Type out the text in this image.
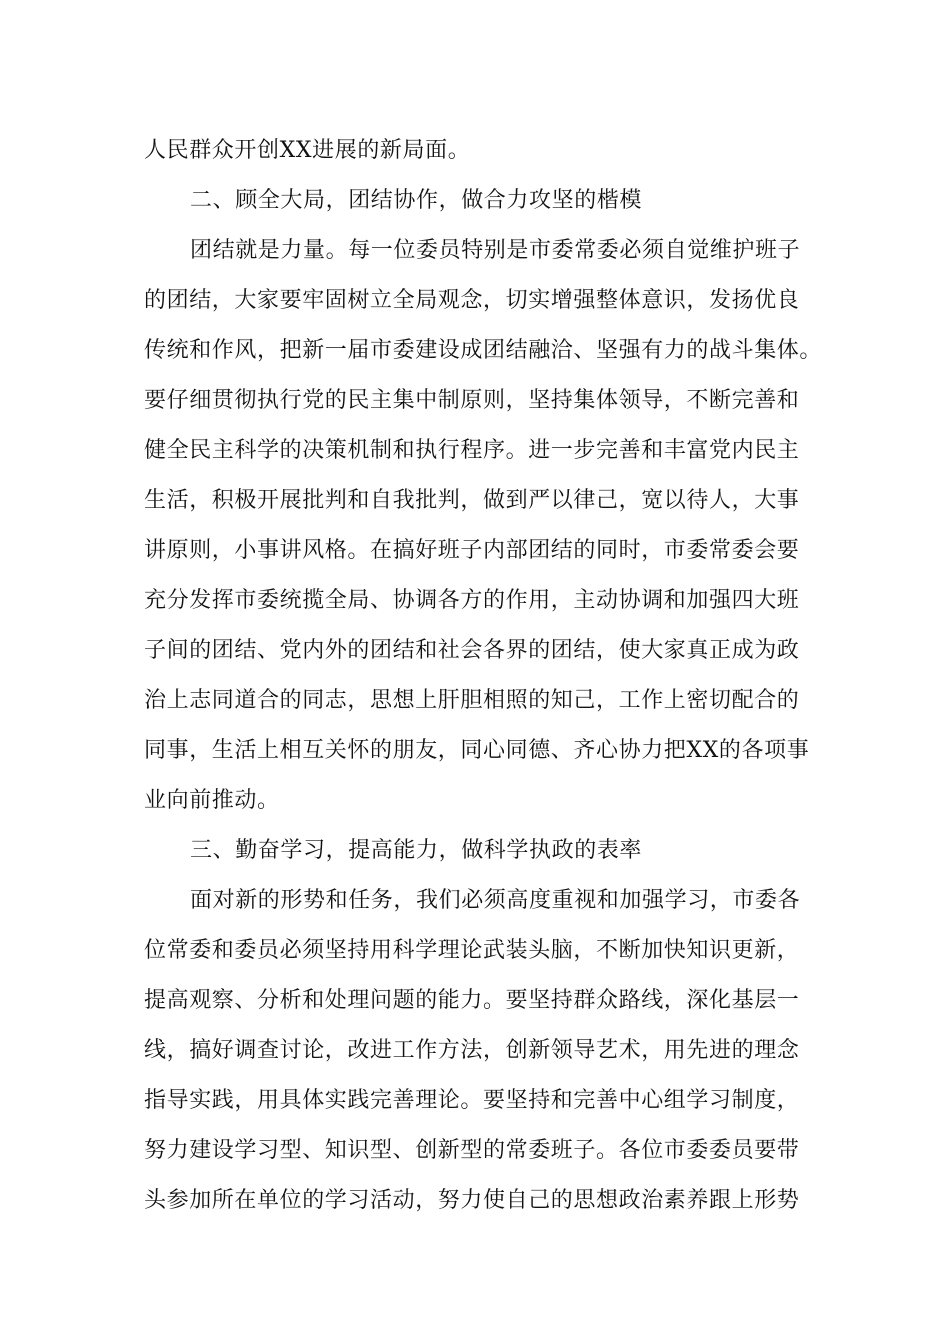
人民群众开创XX进展的新局面。
二、顾全大局，团结协作，做合力攻坚的楷模
团结就是力量。每一位委员特别是市委常委必须自觉维护班子
的团结，大家要牢固树立全局观念，切实增强整体意识，发扬优良
传统和作风，把新一届市委建设成团结融洽、坚强有力的战斗集体。
要仔细贯彻执行党的民主集中制原则，坚持集体领导，不断完善和
健全民主科学的决策机制和执行程序。进一步完善和丰富党内民主
生活，积极开展批判和自我批判，做到严以律己，宽以待人，大事
讲原则，小事讲风格。在搞好班子内部团结的同时，市委常委会要
充分发挥市委统揽全局、协调各方的作用，主动协调和加强四大班
子间的团结、党内外的团结和社会各界的团结，使大家真正成为政
治上志同道合的同志，思想上肝胆相照的知己，工作上密切配合的
同事，生活上相互关怀的朋友，同心同德、齐心协力把XX的各项事
业向前推动。
三、勤奋学习，提高能力，做科学执政的表率
面对新的形势和任务，我们必须高度重视和加强学习，市委各
位常委和委员必须坚持用科学理论武装头脑，不断加快知识更新，
提高观察、分析和处理问题的能力。要坚持群众路线，深化基层一
线，搞好调查讨论，改进工作方法，创新领导艺术，用先进的理念
指导实践，用具体实践完善理论。要坚持和完善中心组学习制度，
努力建设学习型、知识型、创新型的常委班子。各位市委委员要带
头参加所在单位的学习活动，努力使自己的思想政治素养跟上形势
